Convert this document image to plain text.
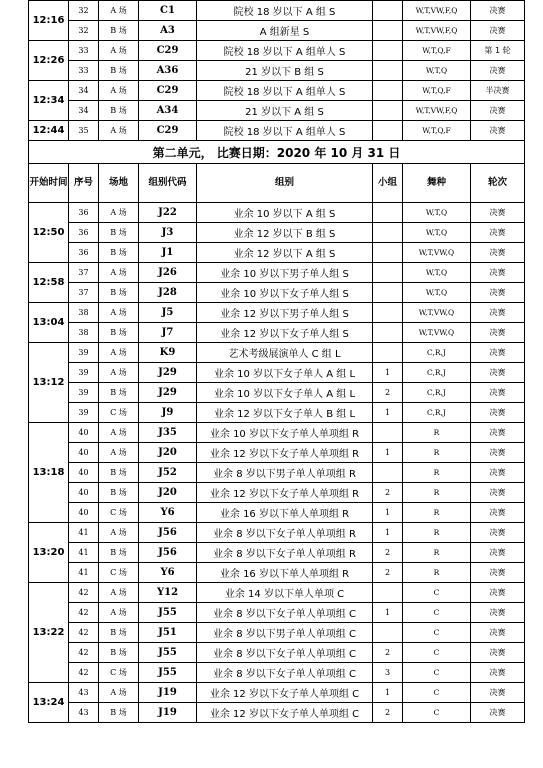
12:16	32	A 场	C1	院校 18 岁以下 A 组 S		W,T,VW,F,Q	决赛
	32	B 场	A3	A 组新星 S		W,T,VW,F,Q	决赛
12:26	33	A 场	C29	院校 18 岁以下 A 组单人 S		W,T,Q,F	第 1 轮
	33	B 场	A36	21 岁以下 B 组 S		W,T,Q	决赛
12:34	34	A 场	C29	院校 18 岁以下 A 组单人 S		W,T,Q,F	半决赛
	34	B 场	A34	21 岁以下 A 组 S		W,T,VW,F,Q	决赛
12:44	35	A 场	C29	院校 18 岁以下 A 组单人 S		W,T,Q,F	决赛
第二单元， 比赛日期：2020 年 10 月 31 日							
开始时间	序号	场地	组别代码	组别	小组	舞种	轮次
12:50	36	A 场	J22	业余 10 岁以下 A 组 S		W,T,Q	决赛
	36	B 场	J3	业余 12 岁以下 B 组 S		W,T,Q	决赛
	36	B 场	J1	业余 12 岁以下 A 组 S		W,T,VW,Q	决赛
12:58	37	A 场	J26	业余 10 岁以下男子单人组 S		W,T,Q	决赛
	37	B 场	J28	业余 10 岁以下女子单人组 S		W,T,Q	决赛
13:04	38	A 场	J5	业余 12 岁以下男子单人组 S		W,T,VW,Q	决赛
	38	B 场	J7	业余 12 岁以下女子单人组 S		W,T,VW,Q	决赛
13:12	39	A 场	K9	艺术考级展演单人 C 组 L		C,R,J	决赛
	39	A 场	J29	业余 10 岁以下女子单人 A 组 L	1	C,R,J	决赛
	39	B 场	J29	业余 10 岁以下女子单人 A 组 L	2	C,R,J	决赛
	39	C 场	J9	业余 12 岁以下女子单人 B 组 L	1	C,R,J	决赛
13:18	40	A 场	J35	业余 10 岁以下女子单人单项组 R		R	决赛
	40	A 场	J20	业余 12 岁以下女子单人单项组 R	1	R	决赛
	40	B 场	J52	业余 8 岁以下男子单人单项组 R		R	决赛
	40	B 场	J20	业余 12 岁以下女子单人单项组 R	2	R	决赛
	40	C 场	Y6	业余 16 岁以下单人单项组 R	1	R	决赛
13:20	41	A 场	J56	业余 8 岁以下女子单人单项组 R	1	R	决赛
	41	B 场	J56	业余 8 岁以下女子单人单项组 R	2	R	决赛
	41	C 场	Y6	业余 16 岁以下单人单项组 R	2	R	决赛
13:22	42	A 场	Y12	业余 14 岁以下单人单项 C		C	决赛
	42	A 场	J55	业余 8 岁以下女子单人单项组 C	1	C	决赛
	42	B 场	J51	业余 8 岁以下男子单人单项组 C		C	决赛
	42	B 场	J55	业余 8 岁以下女子单人单项组 C	2	C	决赛
	42	C 场	J55	业余 8 岁以下女子单人单项组 C	3	C	决赛
13:24	43	A 场	J19	业余 12 岁以下女子单人单项组 C	1	C	决赛
	43	B 场	J19	业余 12 岁以下女子单人单项组 C	2	C	决赛
